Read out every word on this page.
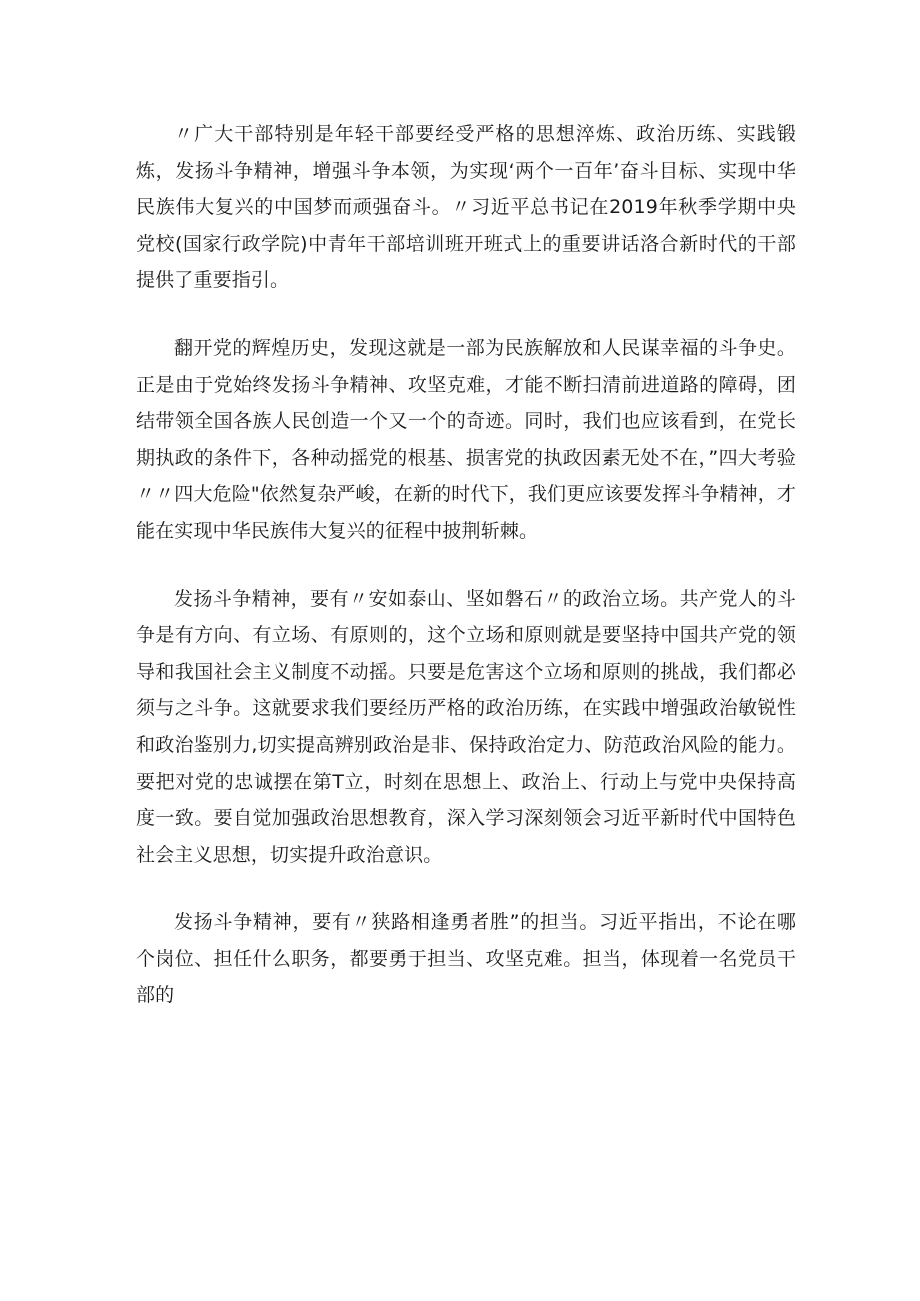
〃广大干部特别是年轻干部要经受严格的思想淬炼、政治历练、实践锻炼，发扬斗争精神，增强斗争本领，为实现‘两个一百年’奋斗目标、实现中华民族伟大复兴的中国梦而顽强奋斗。〃习近平总书记在2019年秋季学期中央党校(国家行政学院)中青年干部培训班开班式上的重要讲话洛合新时代的干部提供了重要指引。

翻开党的辉煌历史，发现这就是一部为民族解放和人民谋幸福的斗争史。正是由于党始终发扬斗争精神、攻坚克难，才能不断扫清前进道路的障碍，团结带领全国各族人民创造一个又一个的奇迹。同时，我们也应该看到，在党长期执政的条件下，各种动摇党的根基、损害党的执政因素无处不在，”四大考验〃〃四大危险"依然复杂严峻，在新的时代下，我们更应该要发挥斗争精神，才能在实现中华民族伟大复兴的征程中披荆斩棘。

发扬斗争精神，要有〃安如泰山、坚如磐石〃的政治立场。共产党人的斗争是有方向、有立场、有原则的，这个立场和原则就是要坚持中国共产党的领导和我国社会主义制度不动摇。只要是危害这个立场和原则的挑战，我们都必须与之斗争。这就要求我们要经历严格的政治历练，在实践中增强政治敏锐性和政治鉴别力,切实提高辨别政治是非、保持政治定力、防范政治风险的能力。要把对党的忠诚摆在第T立，时刻在思想上、政治上、行动上与党中央保持高度一致。要自觉加强政治思想教育，深入学习深刻领会习近平新时代中国特色社会主义思想，切实提升政治意识。

发扬斗争精神，要有〃狭路相逢勇者胜”的担当。习近平指出，不论在哪个岗位、担任什么职务，都要勇于担当、攻坚克难。担当，体现着一名党员干部的
